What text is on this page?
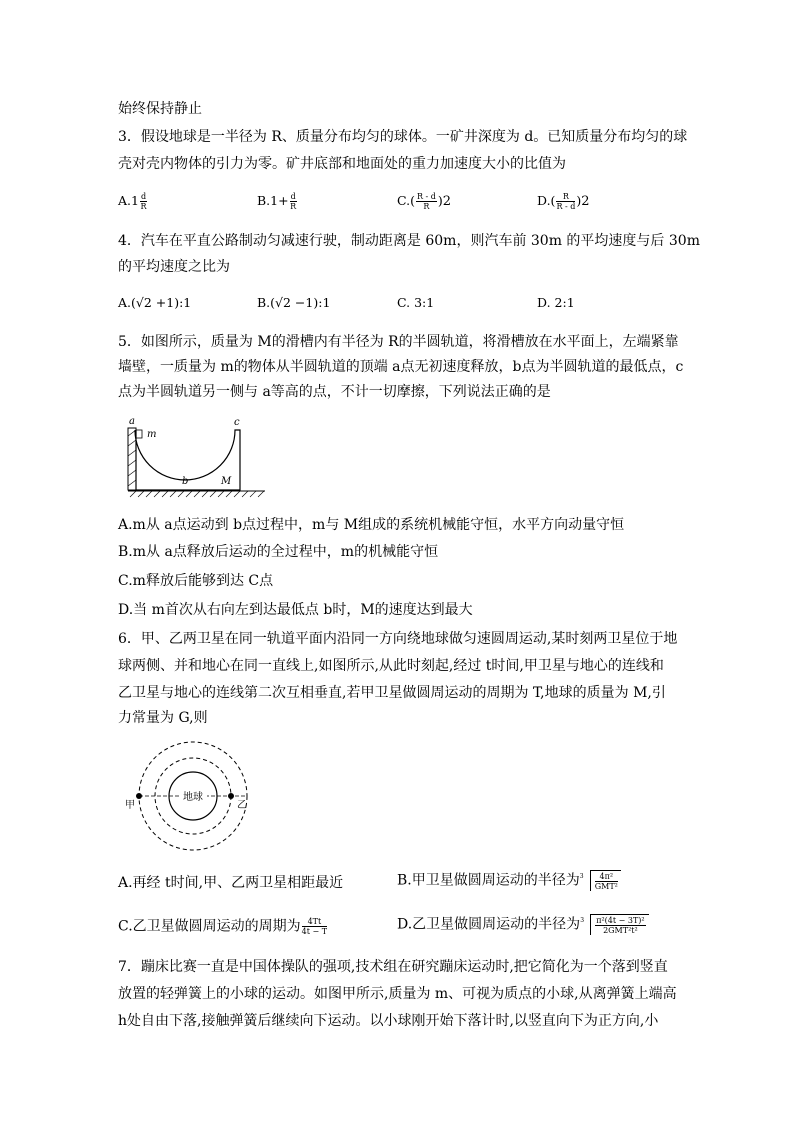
始终保持静止
3．假设地球是一半径为 R、质量分布均匀的球体。一矿井深度为 d。已知质量分布均匀的球
壳对壳内物体的引力为零。矿井底部和地面处的重力加速度大小的比值为
$A.1 \frac{d}{R}$	$B.1+ \frac{d}{R}$	$C.( \frac{R - d}{R} )2$	$D.( \frac{R}{R - d} )2$
4．汽车在平直公路制动匀减速行驶，制动距离是 60m，则汽车前 30m 的平均速度与后 30m
的平均速度之比为
A.(√2 +1):1	B.(√2 −1):1	C. 3:1	D. 2:1
5．如图所示，质量为 M的滑槽内有半径为 R的半圆轨道，将滑槽放在水平面上，左端紧靠
墙壁，一质量为 m的物体从半圆轨道的顶端 a点无初速度释放，b点为半圆轨道的最低点，c
点为半圆轨道另一侧与 a等高的点，不计一切摩擦，下列说法正确的是
a
m
b
c
M
A.m从 a点运动到 b点过程中，m与 M组成的系统机械能守恒，水平方向动量守恒
B.m从 a点释放后运动的全过程中，m的机械能守恒
C.m释放后能够到达 C点
D.当 m首次从右向左到达最低点 b时，M的速度达到最大
6．甲、乙两卫星在同一轨道平面内沿同一方向绕地球做匀速圆周运动,某时刻两卫星位于地
球两侧、并和地心在同一直线上,如图所示,从此时刻起,经过 t时间,甲卫星与地心的连线和
乙卫星与地心的连线第二次互相垂直,若甲卫星做圆周运动的周期为 T,地球的质量为 M,引
力常量为 G,则
地球
甲	乙
A.再经 t时间,甲、乙两卫星相距最近	B.甲卫星做圆周运动的半径为 $3 \frac{\text{4π²}}{\text{GMT²}}$
C.乙卫星做圆周运动的周期为 $\frac{4Tt}{4t - T}$	D.乙卫星做圆周运动的半径为 $3 \frac{\text{π²(4t − 3T)²}}{\text{2GMT²t²}}$
7．蹦床比赛一直是中国体操队的强项,技术组在研究蹦床运动时,把它简化为一个落到竖直
放置的轻弹簧上的小球的运动。如图甲所示,质量为 m、可视为质点的小球,从离弹簧上端高
h处自由下落,接触弹簧后继续向下运动。以小球刚开始下落计时,以竖直向下为正方向,小
